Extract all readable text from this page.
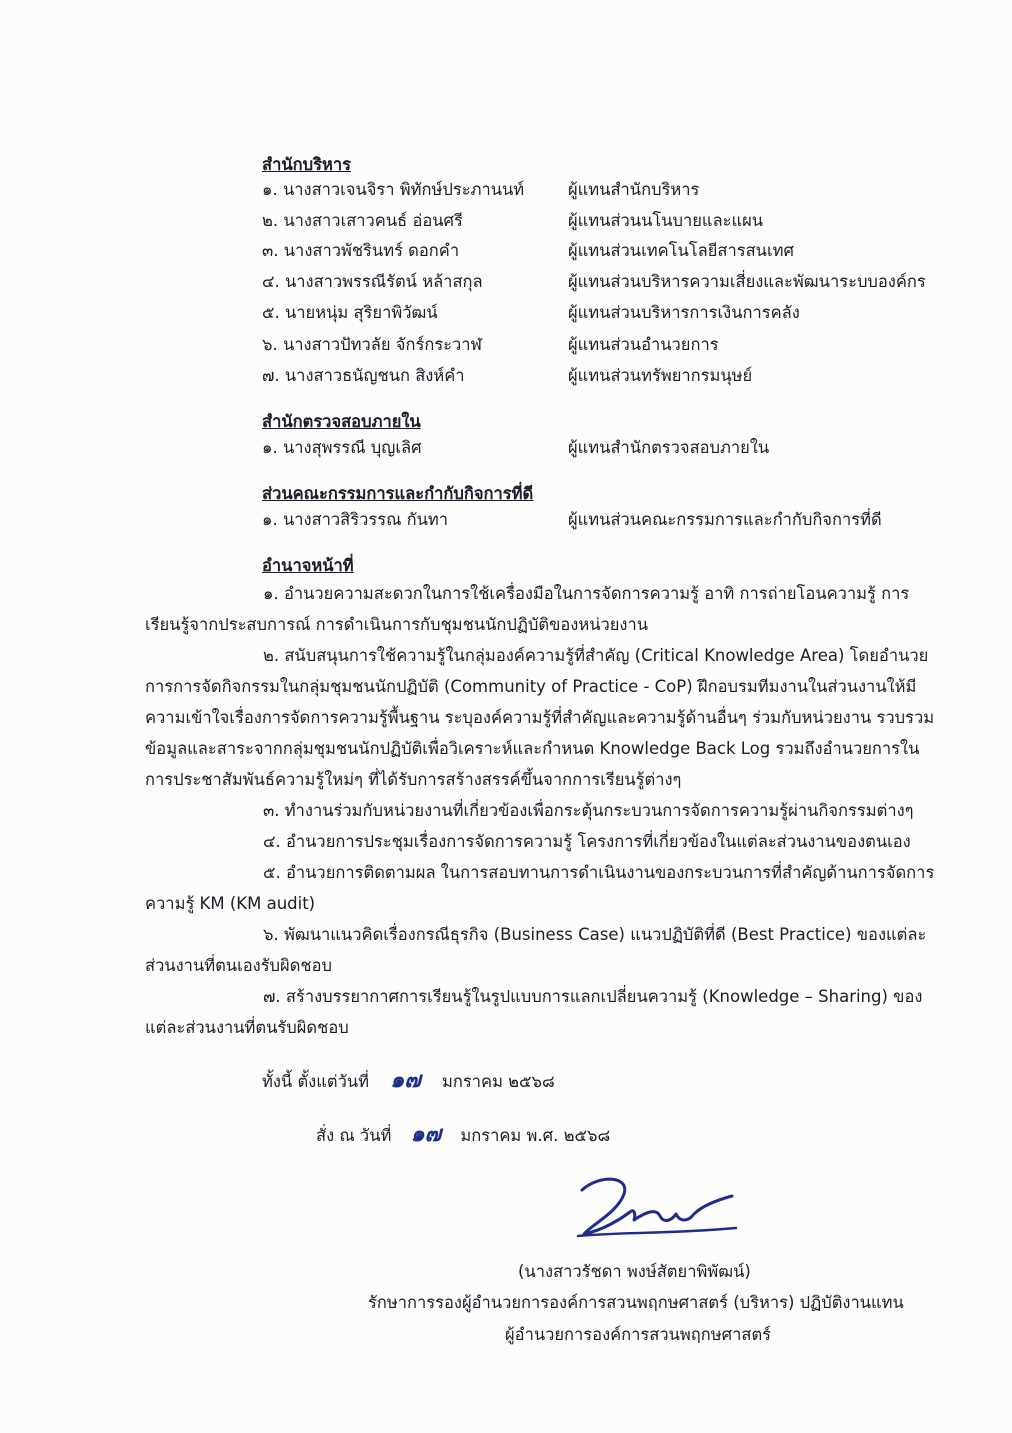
สำนักบริหาร
๑. นางสาวเจนจิรา พิทักษ์ประภานนท์	ผู้แทนสำนักบริหาร
๒. นางสาวเสาวคนธ์ อ่อนศรี	ผู้แทนส่วนนโนบายและแผน
๓. นางสาวพัชรินทร์ ดอกคำ	ผู้แทนส่วนเทคโนโลยีสารสนเทศ
๔. นางสาวพรรณีรัตน์ หล้าสกุล	ผู้แทนส่วนบริหารความเสี่ยงและพัฒนาระบบองค์กร
๕. นายหนุ่ม สุริยาพิวัฒน์	ผู้แทนส่วนบริหารการเงินการคลัง
๖. นางสาวปัทวลัย จักร์กระวาฬ	ผู้แทนส่วนอำนวยการ
๗. นางสาวธนัญชนก สิงห์คำ	ผู้แทนส่วนทรัพยากรมนุษย์
สำนักตรวจสอบภายใน
๑. นางสุพรรณี บุญเลิศ	ผู้แทนสำนักตรวจสอบภายใน
ส่วนคณะกรรมการและกำกับกิจการที่ดี
๑. นางสาวสิริวรรณ กันทา	ผู้แทนส่วนคณะกรรมการและกำกับกิจการที่ดี
อำนาจหน้าที่
๑. อำนวยความสะดวกในการใช้เครื่องมือในการจัดการความรู้ อาทิ การถ่ายโอนความรู้ การเรียนรู้จากประสบการณ์ การดำเนินการกับชุมชนนักปฏิบัติของหน่วยงาน
๒. สนับสนุนการใช้ความรู้ในกลุ่มองค์ความรู้ที่สำคัญ (Critical Knowledge Area) โดยอำนวยการการจัดกิจกรรมในกลุ่มชุมชนนักปฏิบัติ (Community of Practice - CoP) ฝึกอบรมทีมงานในส่วนงานให้มีความเข้าใจเรื่องการจัดการความรู้พื้นฐาน ระบุองค์ความรู้ที่สำคัญและความรู้ด้านอื่นๆ ร่วมกับหน่วยงาน รวบรวมข้อมูลและสาระจากกลุ่มชุมชนนักปฏิบัติเพื่อวิเคราะห์และกำหนด Knowledge Back Log รวมถึงอำนวยการในการประชาสัมพันธ์ความรู้ใหม่ๆ ที่ได้รับการสร้างสรรค์ขึ้นจากการเรียนรู้ต่างๆ
๓. ทำงานร่วมกับหน่วยงานที่เกี่ยวข้องเพื่อกระตุ้นกระบวนการจัดการความรู้ผ่านกิจกรรมต่างๆ
๔. อำนวยการประชุมเรื่องการจัดการความรู้ โครงการที่เกี่ยวข้องในแต่ละส่วนงานของตนเอง
๕. อำนวยการติดตามผล ในการสอบทานการดำเนินงานของกระบวนการที่สำคัญด้านการจัดการความรู้ KM (KM audit)
๖. พัฒนาแนวคิดเรื่องกรณีธุรกิจ (Business Case) แนวปฏิบัติที่ดี (Best Practice) ของแต่ละส่วนงานที่ตนเองรับผิดชอบ
๗. สร้างบรรยากาศการเรียนรู้ในรูปแบบการแลกเปลี่ยนความรู้ (Knowledge – Sharing) ของแต่ละส่วนงานที่ตนรับผิดชอบ
ทั้งนี้ ตั้งแต่วันที่ ๑๗ มกราคม ๒๕๖๘
สั่ง ณ วันที่ ๑๗ มกราคม พ.ศ. ๒๕๖๘
(นางสาวรัชดา พงษ์สัตยาพิพัฒน์)
รักษาการรองผู้อำนวยการองค์การสวนพฤกษศาสตร์ (บริหาร) ปฏิบัติงานแทน
ผู้อำนวยการองค์การสวนพฤกษศาสตร์
